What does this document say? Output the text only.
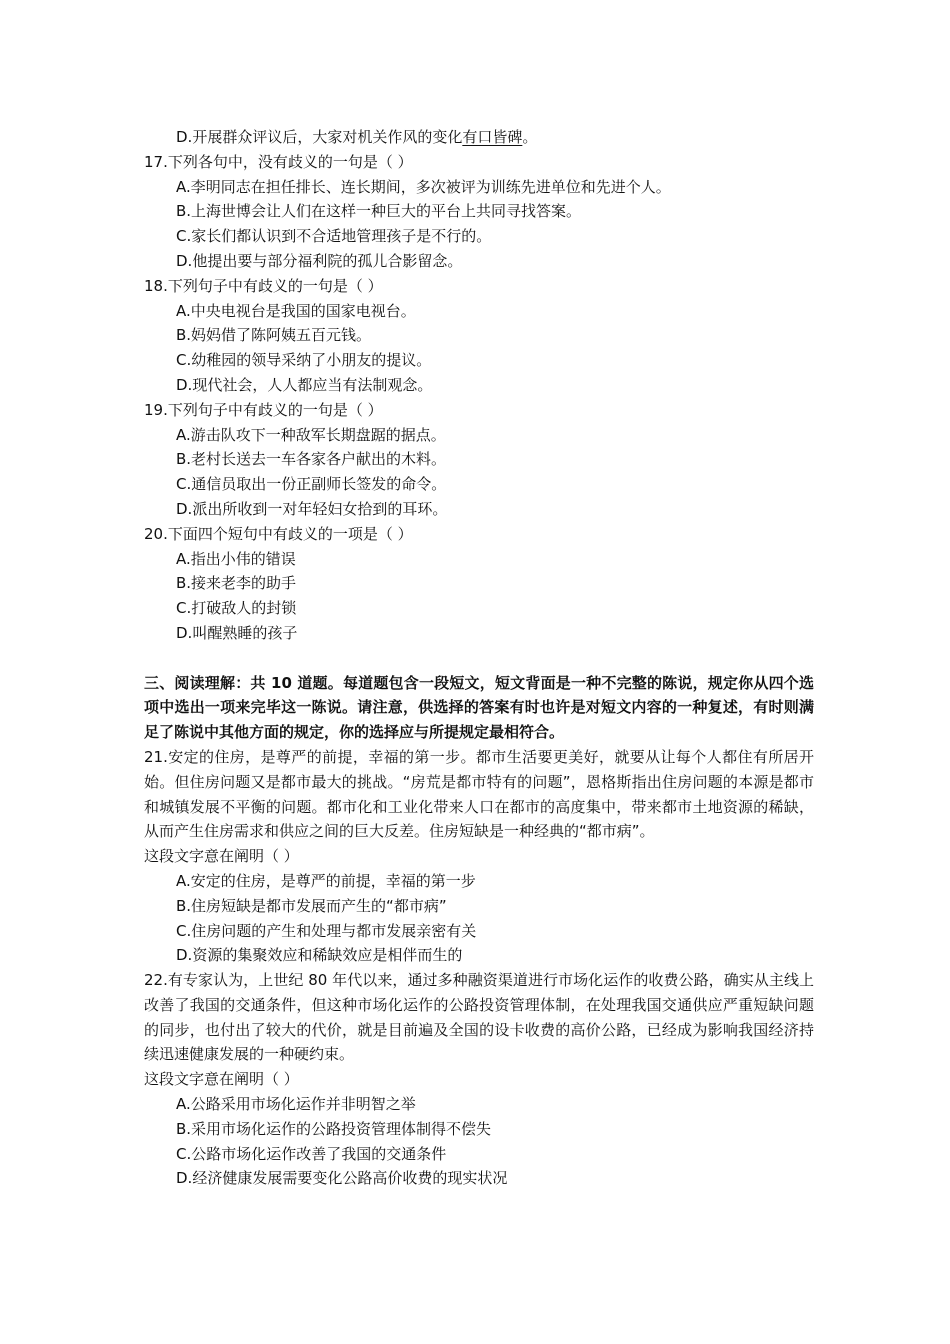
D.开展群众评议后，大家对机关作风的变化有口皆碑。

17.下列各句中，没有歧义的一句是（ ）

A.李明同志在担任排长、连长期间，多次被评为训练先进单位和先进个人。

B.上海世博会让人们在这样一种巨大的平台上共同寻找答案。

C.家长们都认识到不合适地管理孩子是不行的。

D.他提出要与部分福利院的孤儿合影留念。

18.下列句子中有歧义的一句是（ ）

A.中央电视台是我国的国家电视台。

B.妈妈借了陈阿姨五百元钱。

C.幼稚园的领导采纳了小朋友的提议。

D.现代社会，人人都应当有法制观念。

19.下列句子中有歧义的一句是（ ）

A.游击队攻下一种敌军长期盘踞的据点。

B.老村长送去一车各家各户献出的木料。

C.通信员取出一份正副师长签发的命令。

D.派出所收到一对年轻妇女拾到的耳环。

20.下面四个短句中有歧义的一项是（ ）

A.指出小伟的错误

B.接来老李的助手

C.打破敌人的封锁

D.叫醒熟睡的孩子

三、阅读理解：共 10 道题。每道题包含一段短文，短文背面是一种不完整的陈说，规定你从四个选项中选出一项来完毕这一陈说。请注意，供选择的答案有时也许是对短文内容的一种复述，有时则满足了陈说中其他方面的规定，你的选择应与所提规定最相符合。

21.安定的住房，是尊严的前提，幸福的第一步。都市生活要更美好，就要从让每个人都住有所居开始。但住房问题又是都市最大的挑战。“房荒是都市特有的问题”，恩格斯指出住房问题的本源是都市和城镇发展不平衡的问题。都市化和工业化带来人口在都市的高度集中，带来都市土地资源的稀缺，从而产生住房需求和供应之间的巨大反差。住房短缺是一种经典的“都市病”。

这段文字意在阐明（ ）

A.安定的住房，是尊严的前提，幸福的第一步

B.住房短缺是都市发展而产生的“都市病”

C.住房问题的产生和处理与都市发展亲密有关

D.资源的集聚效应和稀缺效应是相伴而生的

22.有专家认为，上世纪 80 年代以来，通过多种融资渠道进行市场化运作的收费公路，确实从主线上改善了我国的交通条件，但这种市场化运作的公路投资管理体制，在处理我国交通供应严重短缺问题的同步，也付出了较大的代价，就是目前遍及全国的设卡收费的高价公路，已经成为影响我国经济持续迅速健康发展的一种硬约束。

这段文字意在阐明（ ）

A.公路采用市场化运作并非明智之举

B.采用市场化运作的公路投资管理体制得不偿失

C.公路市场化运作改善了我国的交通条件

D.经济健康发展需要变化公路高价收费的现实状况
